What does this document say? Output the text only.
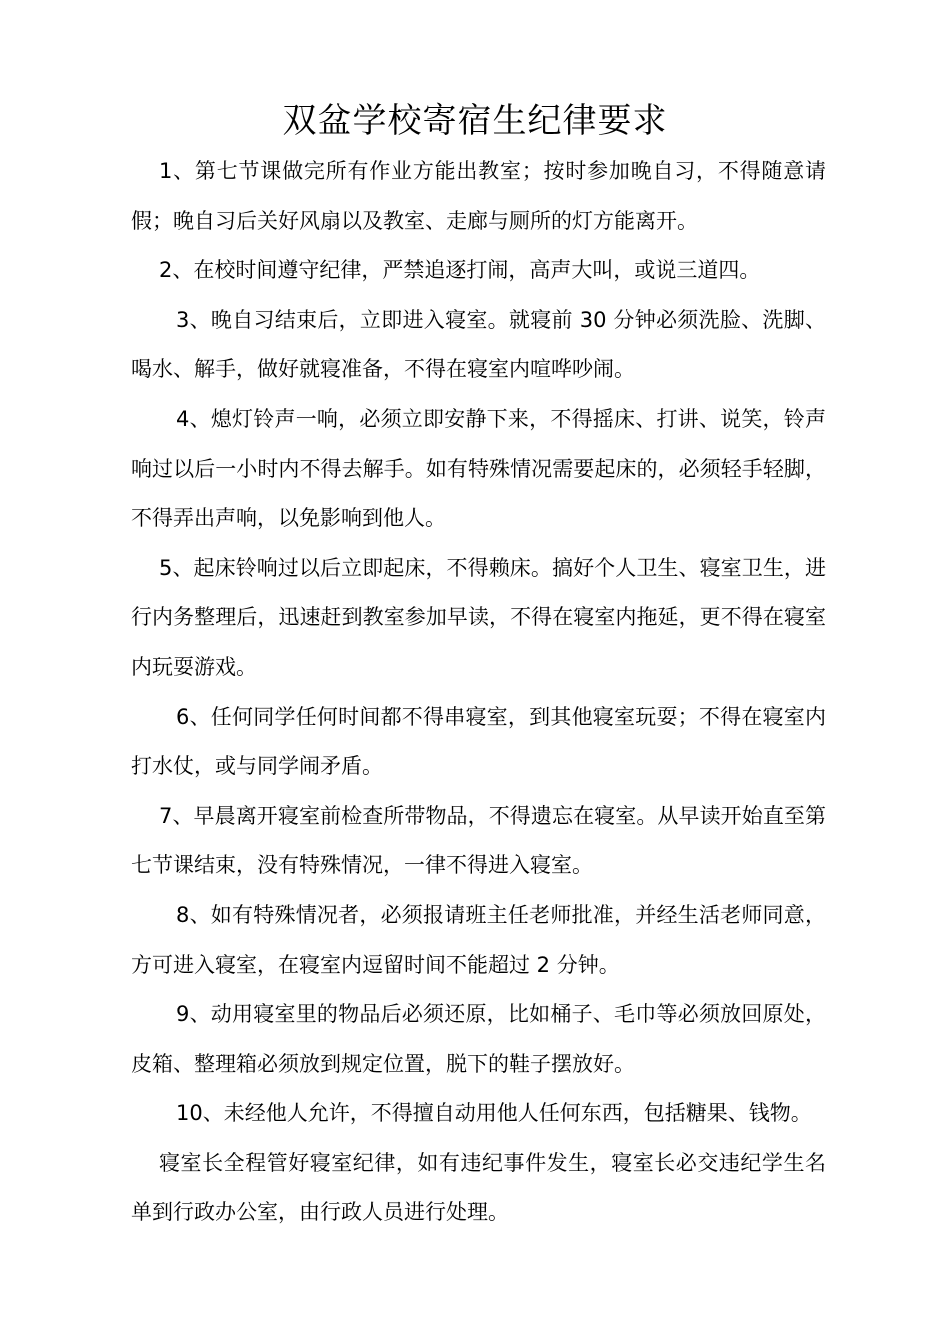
双盆学校寄宿生纪律要求

1、第七节课做完所有作业方能出教室；按时参加晚自习，不得随意请假；晚自习后关好风扇以及教室、走廊与厕所的灯方能离开。

2、在校时间遵守纪律，严禁追逐打闹，高声大叫，或说三道四。

3、晚自习结束后，立即进入寝室。就寝前 30 分钟必须洗脸、洗脚、喝水、解手，做好就寝准备，不得在寝室内喧哗吵闹。

4、熄灯铃声一响，必须立即安静下来，不得摇床、打讲、说笑，铃声响过以后一小时内不得去解手。如有特殊情况需要起床的，必须轻手轻脚，不得弄出声响，以免影响到他人。

5、起床铃响过以后立即起床，不得赖床。搞好个人卫生、寝室卫生，进行内务整理后，迅速赶到教室参加早读，不得在寝室内拖延，更不得在寝室内玩耍游戏。

6、任何同学任何时间都不得串寝室，到其他寝室玩耍；不得在寝室内打水仗，或与同学闹矛盾。

7、早晨离开寝室前检查所带物品，不得遗忘在寝室。从早读开始直至第七节课结束，没有特殊情况，一律不得进入寝室。

8、如有特殊情况者，必须报请班主任老师批准，并经生活老师同意，方可进入寝室，在寝室内逗留时间不能超过 2 分钟。

9、动用寝室里的物品后必须还原，比如桶子、毛巾等必须放回原处，皮箱、整理箱必须放到规定位置，脱下的鞋子摆放好。

10、未经他人允许，不得擅自动用他人任何东西，包括糖果、钱物。

寝室长全程管好寝室纪律，如有违纪事件发生，寝室长必交违纪学生名单到行政办公室，由行政人员进行处理。
